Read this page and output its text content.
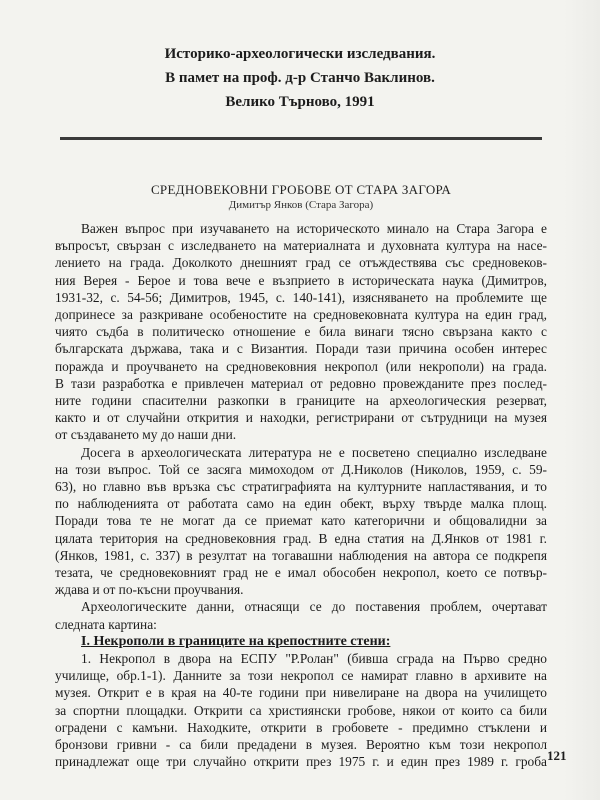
Историко-археологически изследвания.
В памет на проф. д-р Станчо Ваклинов.
Велико Търново, 1991
СРЕДНОВЕКОВНИ ГРОБОВЕ ОТ СТАРА ЗАГОРА
Димитър Янков (Стара Загора)
Важен въпрос при изучаването на историческото минало на Стара Загора е
въпросът, свързан с изследването на материалната и духовната култура на насе-
лението на града. Доколкото днешният град се отъждествява със средновеков-
ния Верея - Берое и това вече е възприето в историческата наука (Димитров,
1931-32, с. 54-56; Димитров, 1945, с. 140-141), изясняването на проблемите ще
допринесе за разкриване особеностите на средновековната култура на един град,
чиято съдба в политическо отношение е била винаги тясно свързана както с
българската държава, така и с Византия. Поради тази причина особен интерес
поражда и проучването на средновековния некропол (или некрополи) на града.
В тази разработка е привлечен материал от редовно провежданите през послед-
ните години спасителни разкопки в границите на археологическия резерват,
както и от случайни открития и находки, регистрирани от сътрудници на музея
от създаването му до наши дни.
Досега в археологическата литература не е посветено специално изследване
на този въпрос. Той се засяга мимоходом от Д.Николов (Николов, 1959, с. 59-
63), но главно във връзка със стратиграфията на културните напластявания, и то
по наблюденията от работата само на един обект, върху твърде малка площ.
Поради това те не могат да се приемат като категорични и общовалидни за
цялата територия на средновековния град. В една статия на Д.Янков от 1981 г.
(Янков, 1981, с. 337) в резултат на тогавашни наблюдения на автора се подкрепя
тезата, че средновековният град не е имал обособен некропол, което се потвър-
ждава и от по-късни проучвания.
Археологическите данни, отнасящи се до поставения проблем, очертават
следната картина:
I. Некрополи в границите на крепостните стени:
1. Некропол в двора на ЕСПУ "Р.Ролан" (бивша сграда на Първо средно
училище, обр.1-1). Данните за този некропол се намират главно в архивите на
музея. Открит е в края на 40-те години при нивелиране на двора на училището
за спортни площадки. Открити са християнски гробове, някои от които са били
оградени с камъни. Находките, открити в гробовете - предимно стъклени и
бронзови гривни - са били предадени в музея. Вероятно към този некропол
принадлежат още три случайно открити през 1975 г. и един през 1989 г. гроба 121
